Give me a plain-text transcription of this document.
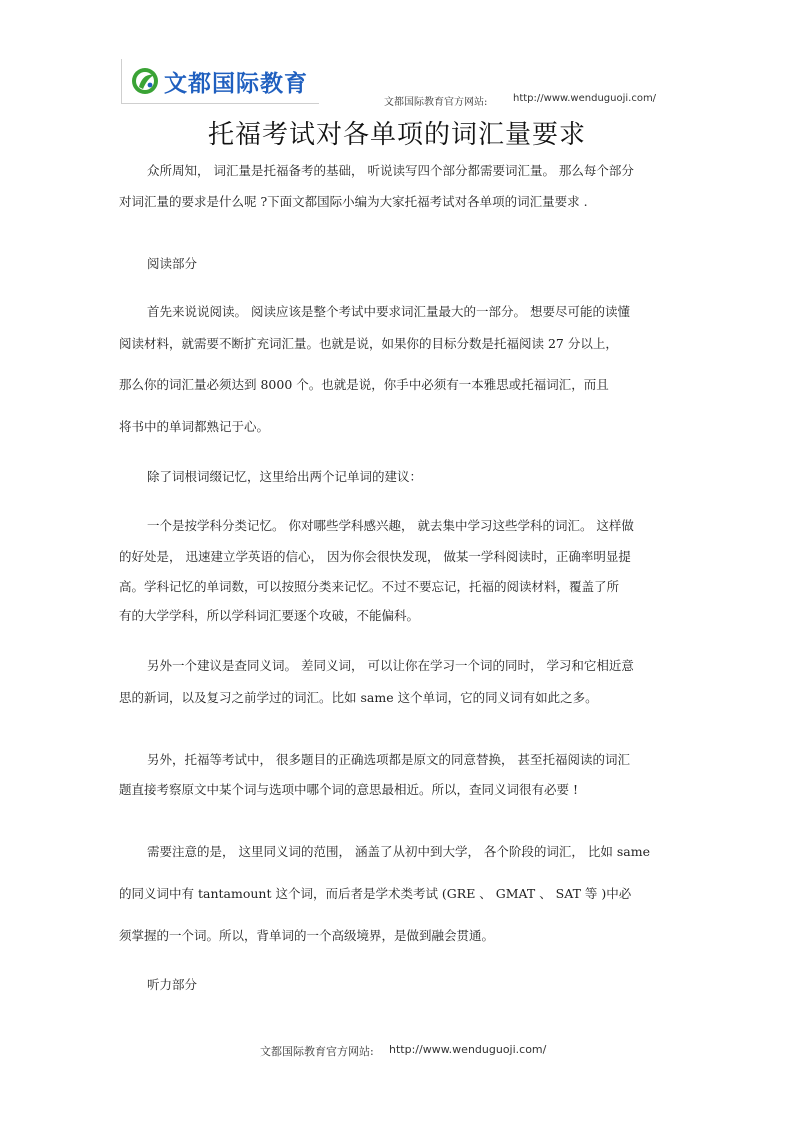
文都国际教育
文都国际教育官方网站:	http://www.wenduguoji.com/
托福考试对各单项的词汇量要求
众所周知， 词汇量是托福备考的基础， 听说读写四个部分都需要词汇量。 那么每个部分
对词汇量的要求是什么呢 ?下面文都国际小编为大家托福考试对各单项的词汇量要求 .
阅读部分
首先来说说阅读。 阅读应该是整个考试中要求词汇量最大的一部分。 想要尽可能的读懂
阅读材料，就需要不断扩充词汇量。也就是说，如果你的目标分数是托福阅读 27 分以上，
那么你的词汇量必须达到 8000 个。也就是说，你手中必须有一本雅思或托福词汇，而且
将书中的单词都熟记于心。
除了词根词缀记忆，这里给出两个记单词的建议：
一个是按学科分类记忆。 你对哪些学科感兴趣， 就去集中学习这些学科的词汇。 这样做
的好处是， 迅速建立学英语的信心， 因为你会很快发现， 做某一学科阅读时，正确率明显提
高。学科记忆的单词数，可以按照分类来记忆。不过不要忘记，托福的阅读材料，覆盖了所
有的大学学科，所以学科词汇要逐个攻破，不能偏科。
另外一个建议是查同义词。 差同义词， 可以让你在学习一个词的同时， 学习和它相近意
思的新词，以及复习之前学过的词汇。比如 same 这个单词，它的同义词有如此之多。
另外，托福等考试中， 很多题目的正确选项都是原文的同意替换， 甚至托福阅读的词汇
题直接考察原文中某个词与选项中哪个词的意思最相近。所以，查同义词很有必要 !
需要注意的是， 这里同义词的范围， 涵盖了从初中到大学， 各个阶段的词汇， 比如 same
的同义词中有 tantamount 这个词，而后者是学术类考试 (GRE 、 GMAT 、 SAT 等 )中必
须掌握的一个词。所以，背单词的一个高级境界，是做到融会贯通。
听力部分
文都国际教育官方网站: http://www.wenduguoji.com/
